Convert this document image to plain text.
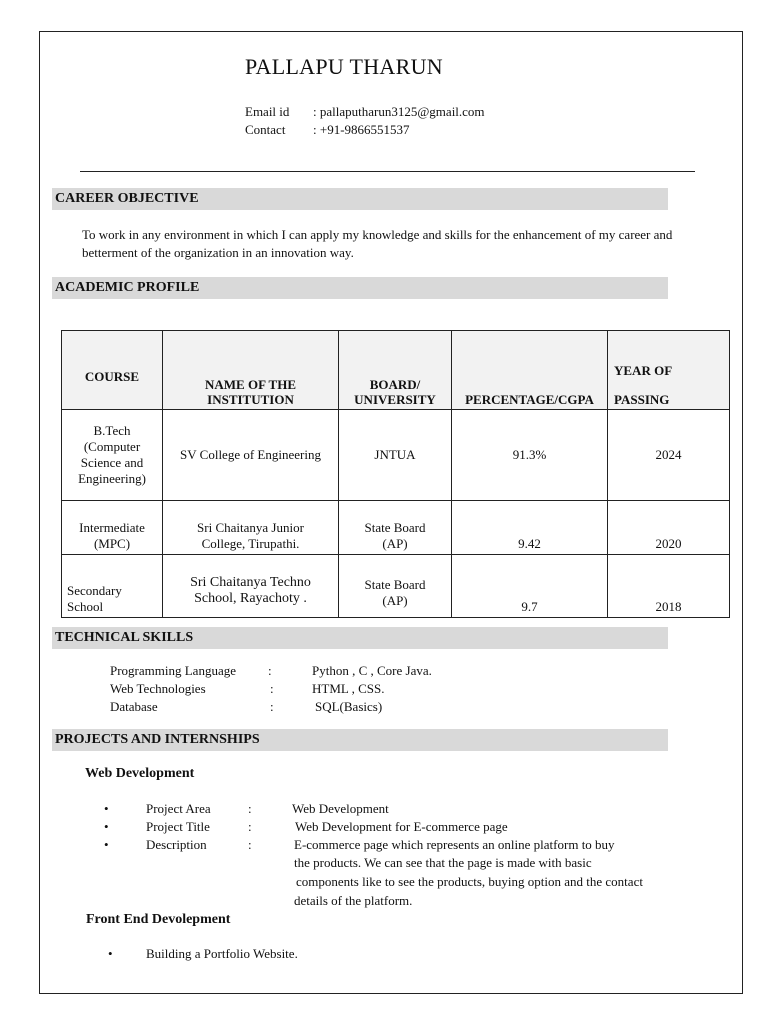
PALLAPU THARUN
Email id : pallaputharun3125@gmail.com
Contact : +91-9866551537
CAREER OBJECTIVE
To work in any environment in which I can apply my knowledge and skills for the enhancement of my career and betterment of the organization in an innovation way.
ACADEMIC PROFILE
COURSE	NAME OF THE INSTITUTION	BOARD/ UNIVERSITY	PERCENTAGE/CGPA	YEAR OF
PASSING

B.Tech (Computer Science and Engineering)	SV College of Engineering	JNTUA	91.3%	2024
Intermediate (MPC)	Sri Chaitanya Junior College, Tirupathi.	State Board (AP)	9.42	2020
Secondary School	Sri Chaitanya Techno School, Rayachoty .	State Board (AP)	9.7	2018
TECHNICAL SKILLS
Programming Language :	Python , C , Core Java.
Web Technologies	:	HTML , CSS.
Database	:	SQL(Basics)
PROJECTS AND INTERNSHIPS
Web Development
•	Project Area	:	Web Development
•	Project Title	:	Web Development for E-commerce page
•	Description	:	E-commerce page which represents an online platform to buy
the products. We can see that the page is made with basic
components like to see the products, buying option and the contact
details of the platform.
Front End Devolepment
•	Building a Portfolio Website.
